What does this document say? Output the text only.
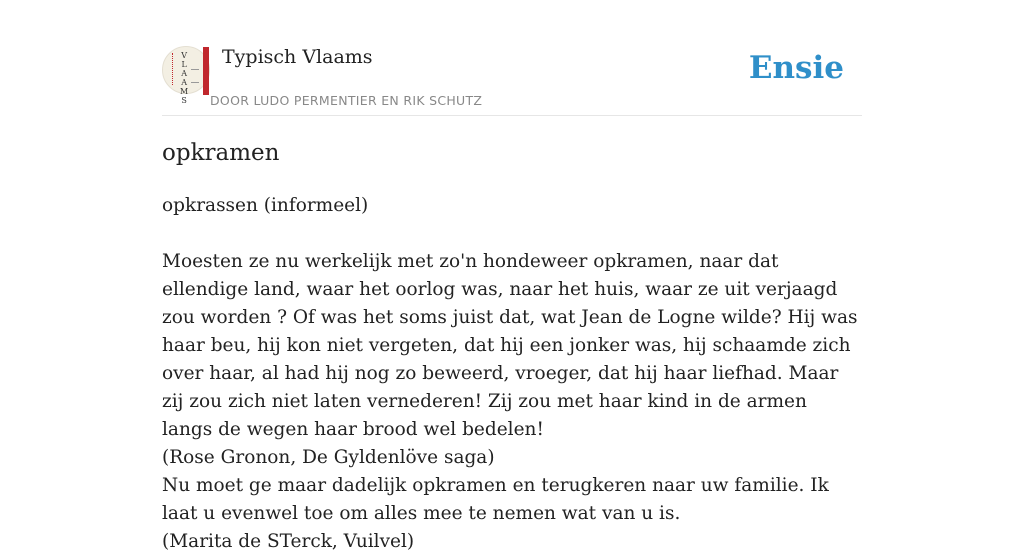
V
L
A
A
M
S
Typisch Vlaams
DOOR LUDO PERMENTIER EN RIK SCHUTZ
Ensie
opkramen

opkrassen (informeel)

Moesten ze nu werkelijk met zo'n hondeweer opkramen, naar dat ellendige land, waar het oorlog was, naar het huis, waar ze uit verjaagd zou worden ? Of was het soms juist dat, wat Jean de Logne wilde? Hij was haar beu, hij kon niet vergeten, dat hij een jonker was, hij schaamde zich over haar, al had hij nog zo beweerd, vroeger, dat hij haar liefhad. Maar zij zou zich niet laten vernederen! Zij zou met haar kind in de armen langs de wegen haar brood wel bedelen!

(Rose Gronon, De Gyldenlöve saga)

Nu moet ge maar dadelijk opkramen en terugkeren naar uw familie. Ik laat u evenwel toe om alles mee te nemen wat van u is.

(Marita de STerck, Vuilvel)
